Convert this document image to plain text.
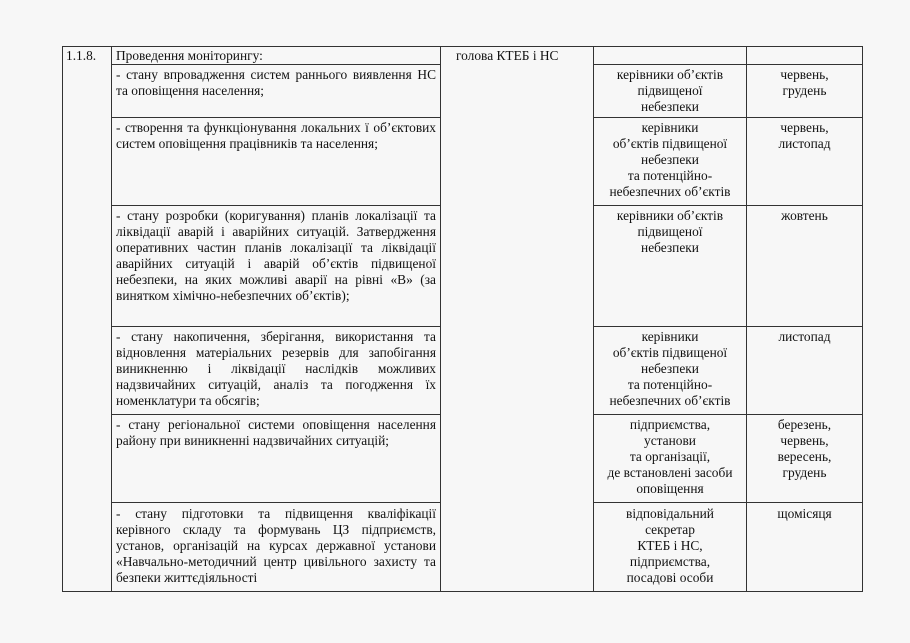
1.1.8.	Проведення моніторингу:	голова КТЕБ і НС
- стану впровадження систем раннього виявлення НС та оповіщення населення;
керівники об’єктів
підвищеної
небезпеки
червень,
грудень
- створення та функціонування локальних ї об’єктових систем оповіщення працівників та населення;
керівники
об’єктів підвищеної
небезпеки
та потенційно-
небезпечних об’єктів
червень,
листопад
- стану розробки (коригування) планів локалізації та ліквідації аварій і аварійних ситуацій. Затвердження оперативних частин планів локалізації та ліквідації аварійних ситуацій і аварій об’єктів підвищеної небезпеки, на яких можливі аварії на рівні «В» (за винятком хімічно-небезпечних об’єктів);
керівники об’єктів
підвищеної
небезпеки
жовтень
- стану накопичення, зберігання, використання та відновлення матеріальних резервів для запобігання виникненню і ліквідації наслідків можливих надзвичайних ситуацій, аналіз та погодження їх номенклатури та обсягів;
керівники
об’єктів підвищеної
небезпеки
та потенційно-
небезпечних об’єктів
листопад
- стану регіональної системи оповіщення населення району при виникненні надзвичайних ситуацій;
підприємства,
установи
та організації,
де встановлені засоби
оповіщення
березень,
червень,
вересень,
грудень
- стану підготовки та підвищення кваліфікації керівного складу та формувань ЦЗ підприємств, установ, організацій на курсах державної установи «Навчально-методичний центр цивільного захисту та безпеки життєдіяльності
відповідальний
секретар
КТЕБ і НС,
підприємства,
посадові особи
щомісяця
